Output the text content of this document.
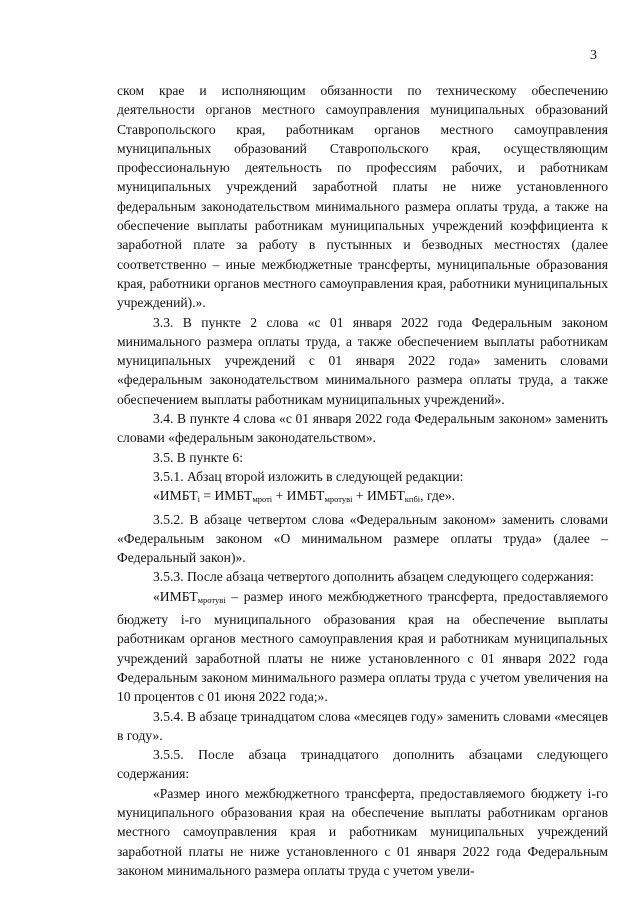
3

ском крае и исполняющим обязанности по техническому обеспечению деятельности органов местного самоуправления муниципальных образований Ставропольского края, работникам органов местного самоуправления муниципальных образований Ставропольского края, осуществляющим профессиональную деятельность по профессиям рабочих, и работникам муниципальных учреждений заработной платы не ниже установленного федеральным законодательством минимального размера оплаты труда, а также на обеспечение выплаты работникам муниципальных учреждений коэффициента к заработной плате за работу в пустынных и безводных местностях (далее соответственно – иные межбюджетные трансферты, муниципальные образования края, работники органов местного самоуправления края, работники муниципальных учреждений).».

3.3. В пункте 2 слова «с 01 января 2022 года Федеральным законом минимального размера оплаты труда, а также обеспечением выплаты работникам муниципальных учреждений с 01 января 2022 года» заменить словами «федеральным законодательством минимального размера оплаты труда, а также обеспечением выплаты работникам муниципальных учреждений».

3.4. В пункте 4 слова «с 01 января 2022 года Федеральным законом» заменить словами «федеральным законодательством».

3.5. В пункте 6:

3.5.1. Абзац второй изложить в следующей редакции:

«ИМБТi = ИМБТмротi + ИМБТмротувi + ИМБТкпбi, где».

3.5.2. В абзаце четвертом слова «Федеральным законом» заменить словами «Федеральным законом «О минимальном размере оплаты труда» (далее – Федеральный закон)».

3.5.3. После абзаца четвертого дополнить абзацем следующего содержания:

«ИМБТмротувi – размер иного межбюджетного трансферта, предоставляемого бюджету i-го муниципального образования края на обеспечение выплаты работникам органов местного самоуправления края и работникам муниципальных учреждений заработной платы не ниже установленного с 01 января 2022 года Федеральным законом минимального размера оплаты труда с учетом увеличения на 10 процентов с 01 июня 2022 года;».

3.5.4. В абзаце тринадцатом слова «месяцев году» заменить словами «месяцев в году».

3.5.5. После абзаца тринадцатого дополнить абзацами следующего содержания:

«Размер иного межбюджетного трансферта, предоставляемого бюджету i-го муниципального образования края на обеспечение выплаты работникам органов местного самоуправления края и работникам муниципальных учреждений заработной платы не ниже установленного с 01 января 2022 года Федеральным законом минимального размера оплаты труда с учетом увели-
